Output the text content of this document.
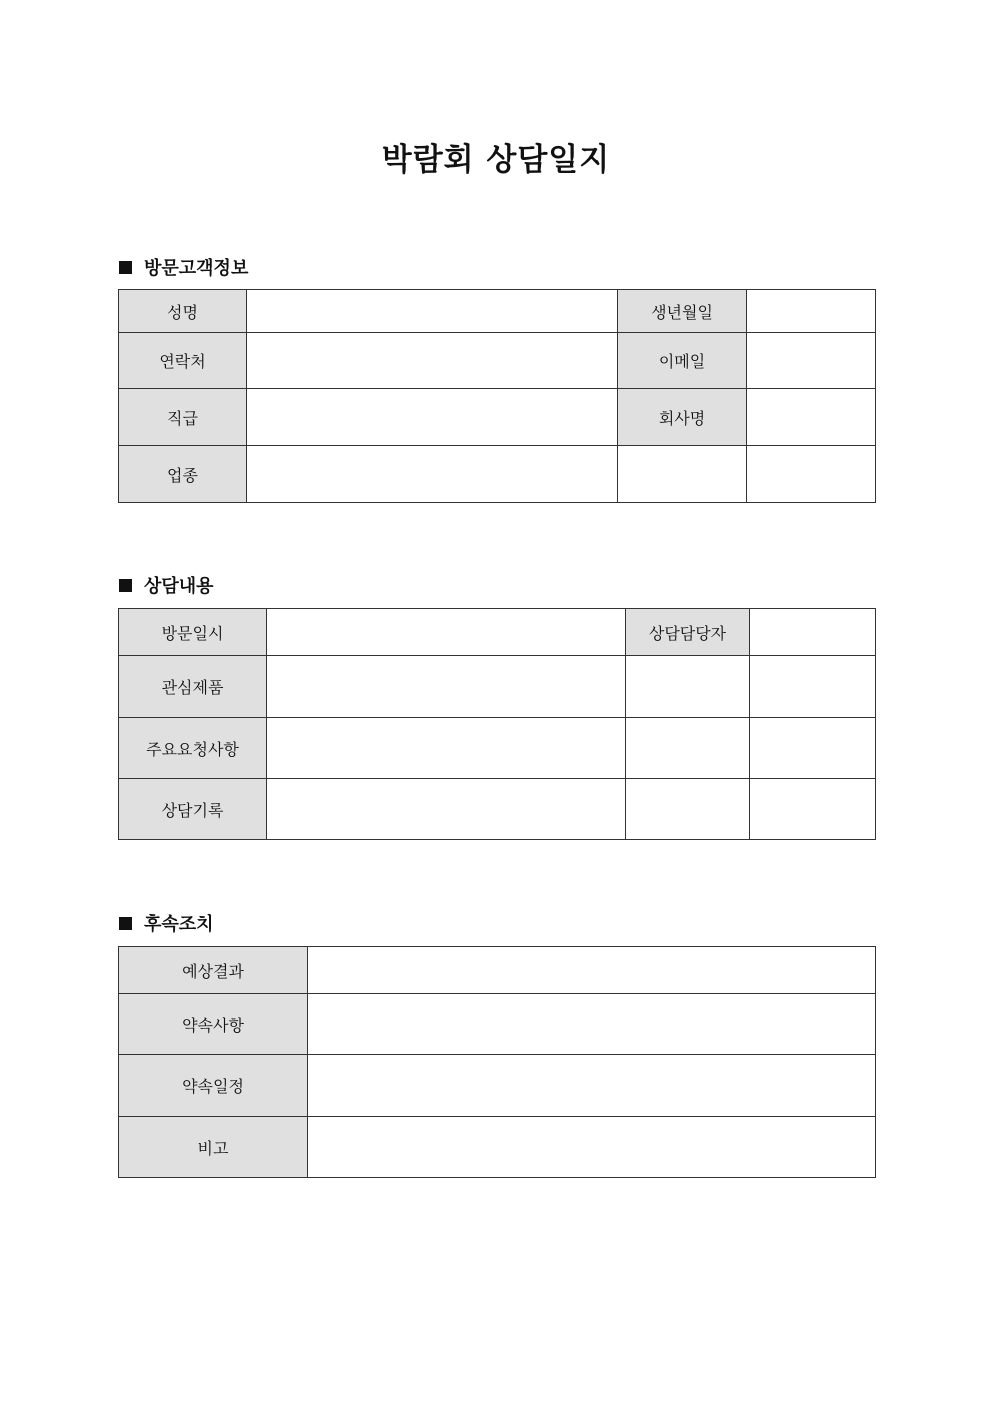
박람회 상담일지
방문고객정보
성명		생년월일	
연락처		이메일	
직급		회사명	
업종			
상담내용
방문일시		상담담당자	
관심제품			
주요요청사항			
상담기록			
후속조치
예상결과	
약속사항	
약속일정	
비고	
